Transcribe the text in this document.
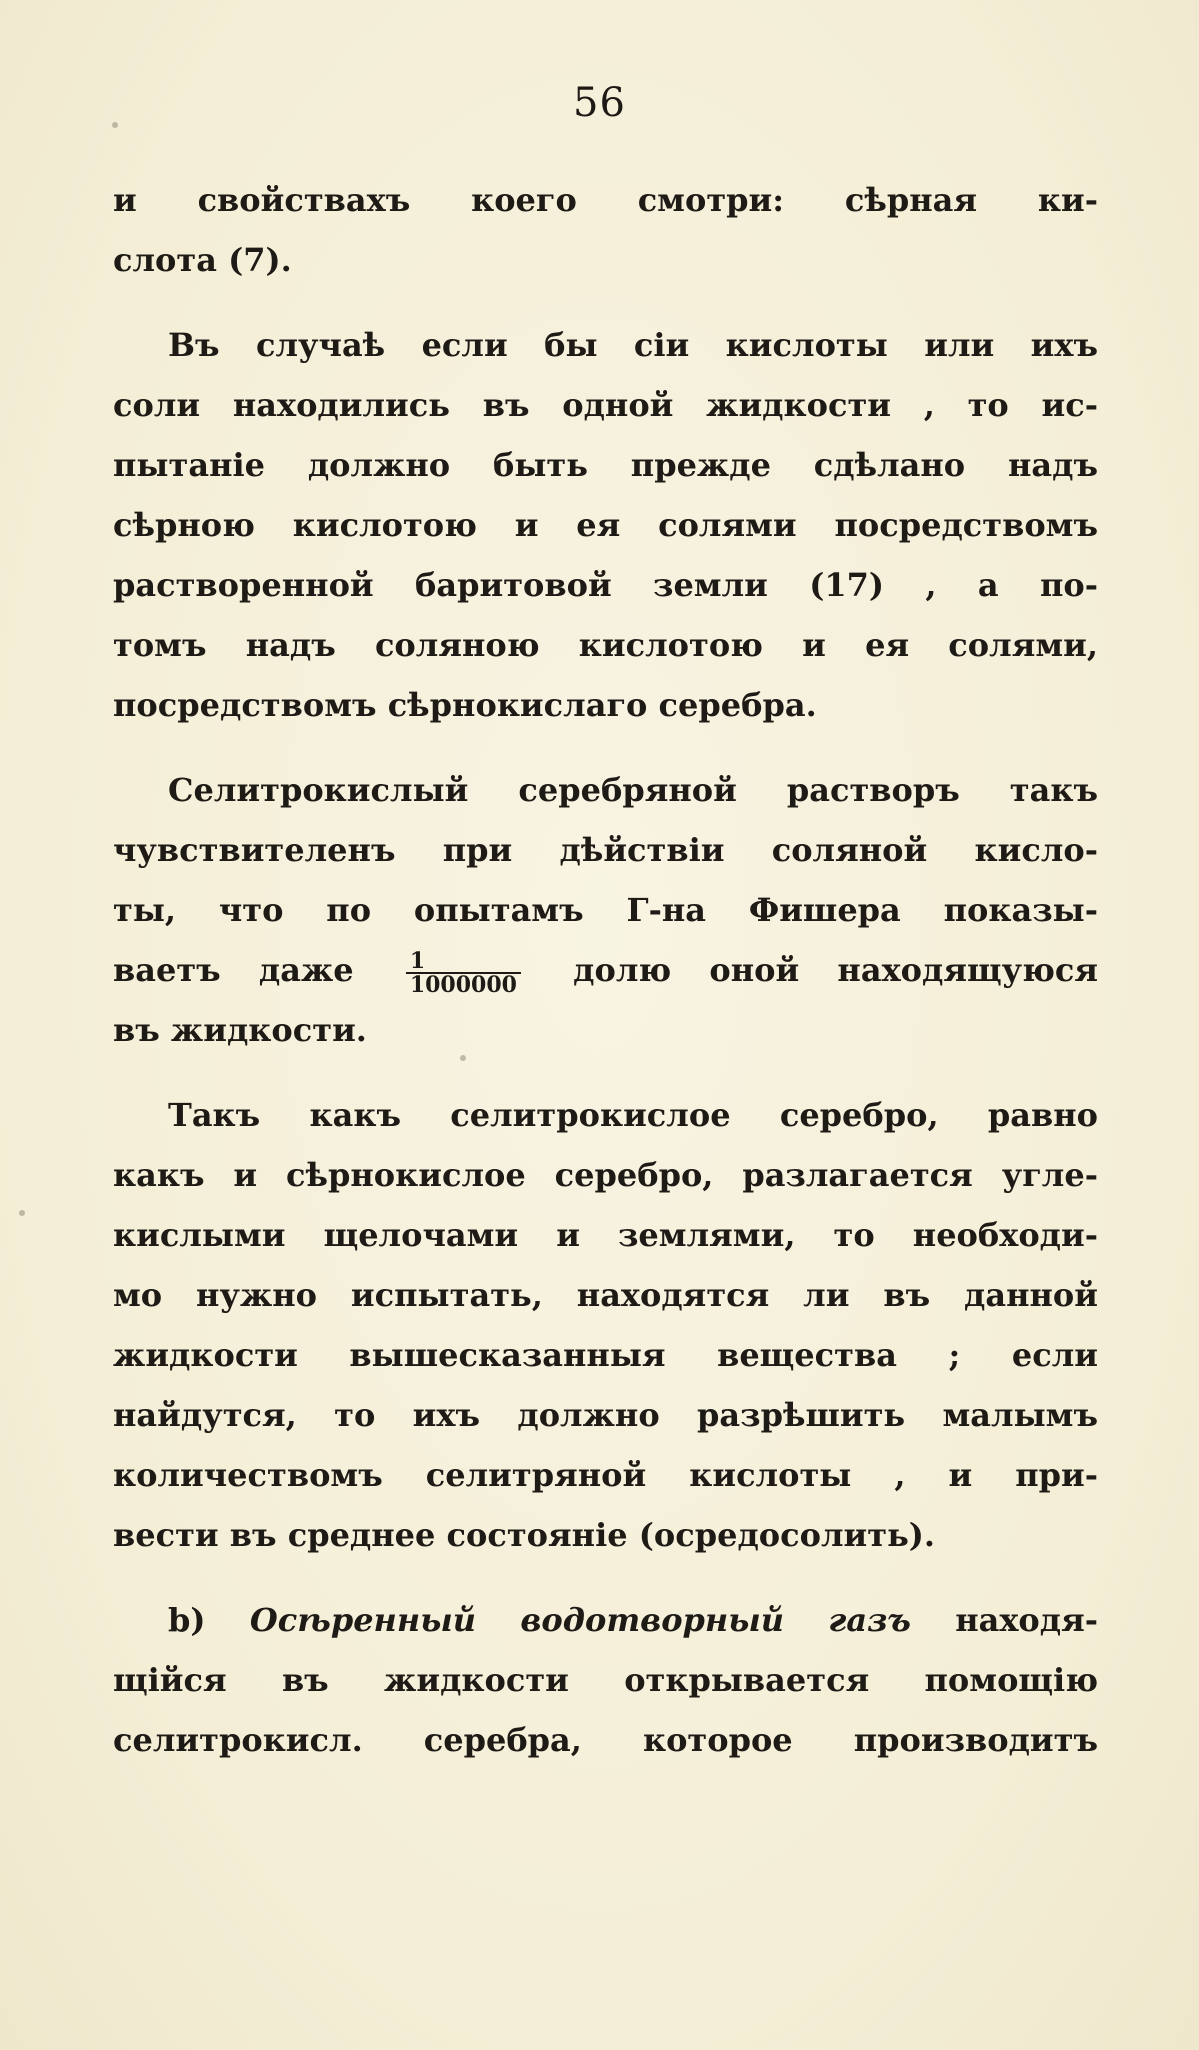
56
и свойствахъ коего смотри: сѣрная ки-
слота (7).
Въ случаѣ если бы сіи кислоты или ихъ
соли находились въ одной жидкости , то ис-
пытаніе должно быть прежде сдѣлано надъ
сѣрною кислотою и ея солями посредствомъ
растворенной баритовой земли (17) , а по-
томъ надъ соляною кислотою и ея солями,
посредствомъ сѣрнокислаго серебра.
Селитрокислый серебряной растворъ такъ
чувствителенъ при дѣйствіи соляной кисло-
ты, что по опытамъ Г-на Фишера показы-
ваетъ даже $\frac{1}{1000000}$ долю оной находящуюся
въ жидкости.
Такъ какъ селитрокислое серебро, равно
какъ и сѣрнокислое серебро, разлагается угле-
кислыми щелочами и землями, то необходи-
мо нужно испытать, находятся ли въ данной
жидкости вышесказанныя вещества ; если
найдутся, то ихъ должно разрѣшить малымъ
количествомъ селитряной кислоты , и при-
вести въ среднее состояніе (осредосолить).
b) Осѣренный водотворный газъ находя-
щійся въ жидкости открывается помощію
селитрокисл. серебра, которое производитъ
